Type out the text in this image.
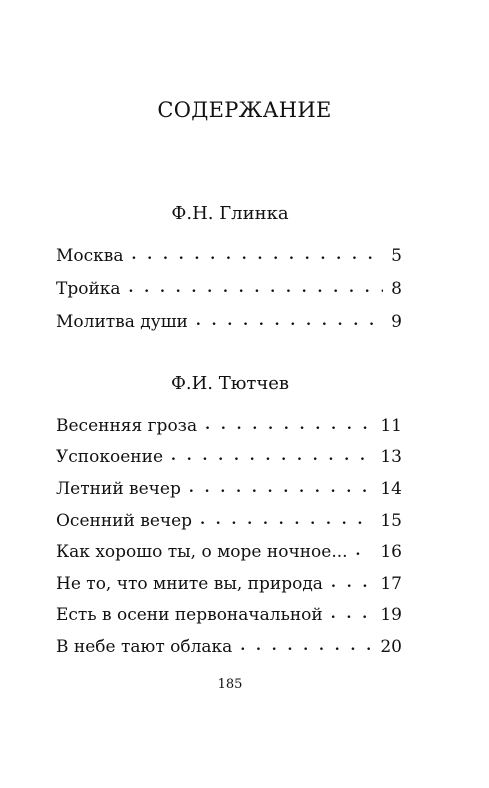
СОДЕРЖАНИЕ
Ф.Н. Глинка
Москва . . .	5
Тройка . . .	8
Молитва души . . .	9
Ф.И. Тютчев
Весенняя гроза . . .	11
Успокоение . . .	13
Летний вечер . . .	14
Осенний вечер . . .	15
Как хорошо ты, о море ночное... . . . 16
Не то, что мните вы, природа . . .	17
Есть в осени первоначальной . . .	19
В небе тают облака . . .	20
185
